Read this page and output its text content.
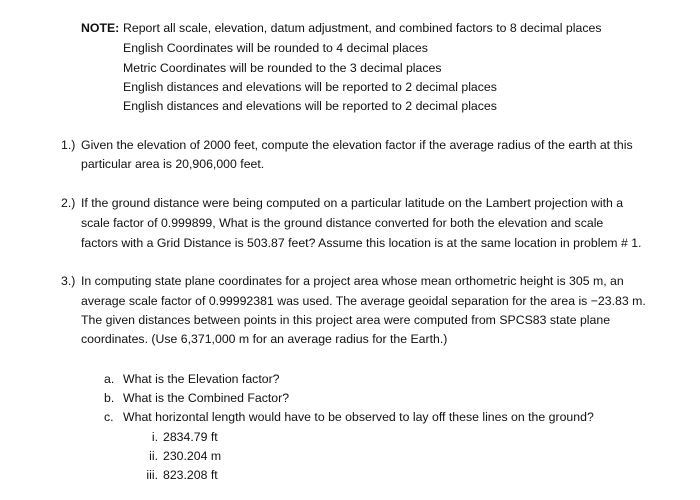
NOTE: Report all scale, elevation, datum adjustment, and combined factors to 8 decimal places
English Coordinates will be rounded to 4 decimal places
Metric Coordinates will be rounded to the 3 decimal places
English distances and elevations will be reported to 2 decimal places
English distances and elevations will be reported to 2 decimal places
1.) Given the elevation of 2000 feet, compute the elevation factor if the average radius of the earth at this
particular area is 20,906,000 feet.
2.) If the ground distance were being computed on a particular latitude on the Lambert projection with a
scale factor of 0.999899, What is the ground distance converted for both the elevation and scale
factors with a Grid Distance is 503.87 feet? Assume this location is at the same location in problem # 1.
3.) In computing state plane coordinates for a project area whose mean orthometric height is 305 m, an
average scale factor of 0.99992381 was used. The average geoidal separation for the area is −23.83 m.
The given distances between points in this project area were computed from SPCS83 state plane
coordinates. (Use 6,371,000 m for an average radius for the Earth.)
a. What is the Elevation factor?
b. What is the Combined Factor?
c. What horizontal length would have to be observed to lay off these lines on the ground?
i. 2834.79 ft
ii. 230.204 m
iii. 823.208 ft
